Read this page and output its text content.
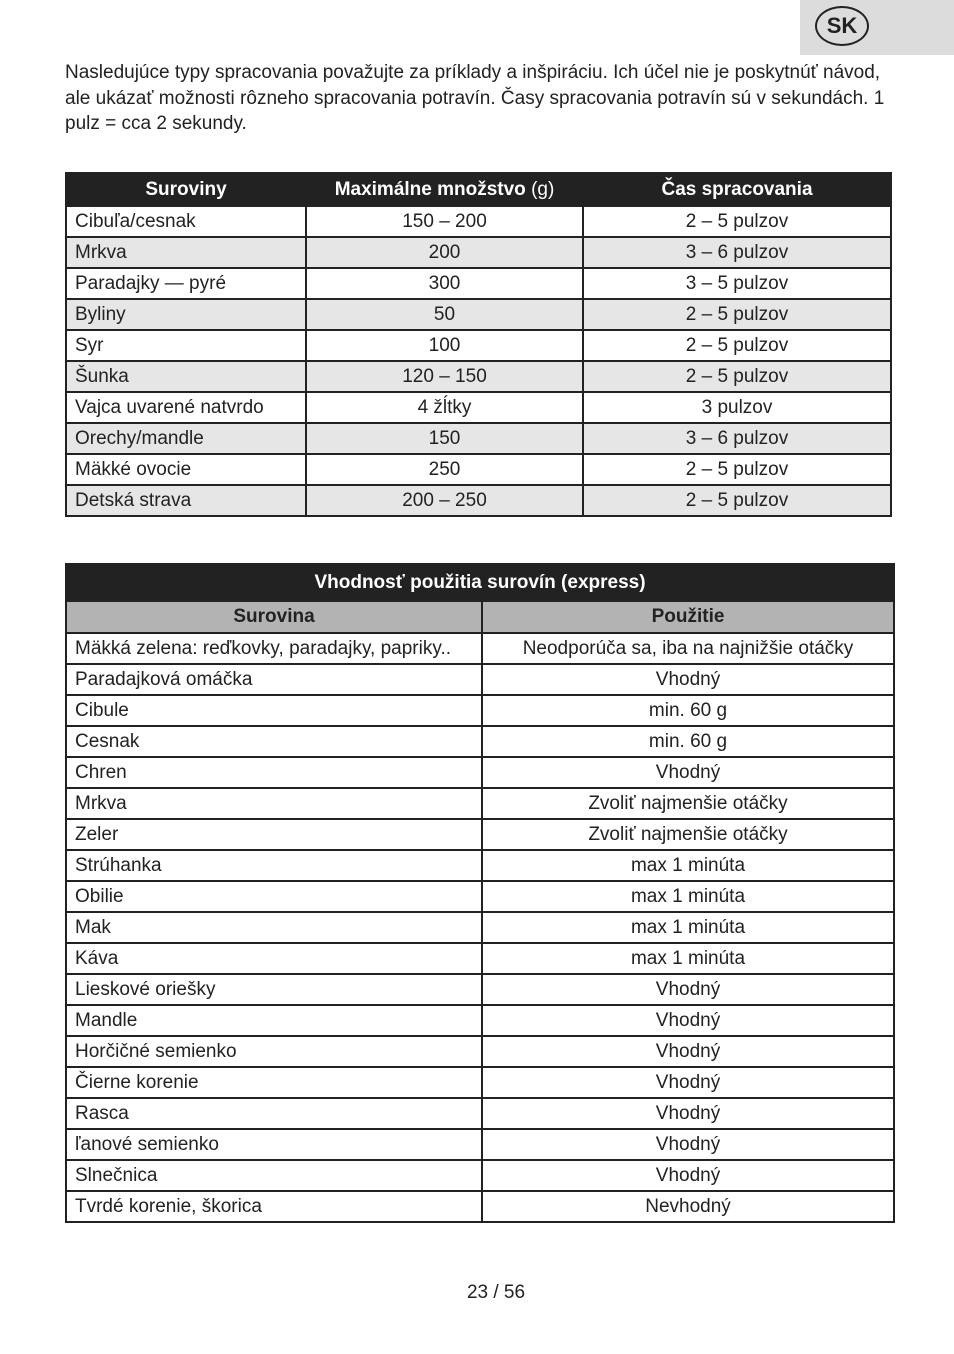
SK
Nasledujúce typy spracovania považujte za príklady a inšpiráciu. Ich účel nie je poskytnúť návod, ale ukázať možnosti rôzneho spracovania potravín. Časy spracovania potravín sú v sekundách. 1 pulz = cca 2 sekundy.
Suroviny	Maximálne množstvo (g)	Čas spracovania
Cibuľa/cesnak	150 – 200	2 – 5 pulzov
Mrkva	200	3 – 6 pulzov
Paradajky — pyré	300	3 – 5 pulzov
Byliny	50	2 – 5 pulzov
Syr	100	2 – 5 pulzov
Šunka	120 – 150	2 – 5 pulzov
Vajca uvarené natvrdo	4 žĺtky	3 pulzov
Orechy/mandle	150	3 – 6 pulzov
Mäkké ovocie	250	2 – 5 pulzov
Detská strava	200 – 250	2 – 5 pulzov
Vhodnosť použitia surovín (express)	
Surovina	Použitie
Mäkká zelena: reďkovky, paradajky, papriky..	Neodporúča sa, iba na najnižšie otáčky
Paradajková omáčka	Vhodný
Cibule	min. 60 g
Cesnak	min. 60 g
Chren	Vhodný
Mrkva	Zvoliť najmenšie otáčky
Zeler	Zvoliť najmenšie otáčky
Strúhanka	max 1 minúta
Obilie	max 1 minúta
Mak	max 1 minúta
Káva	max 1 minúta
Lieskové oriešky	Vhodný
Mandle	Vhodný
Horčičné semienko	Vhodný
Čierne korenie	Vhodný
Rasca	Vhodný
ľanové semienko	Vhodný
Slnečnica	Vhodný
Tvrdé korenie, škorica	Nevhodný
23 / 56
